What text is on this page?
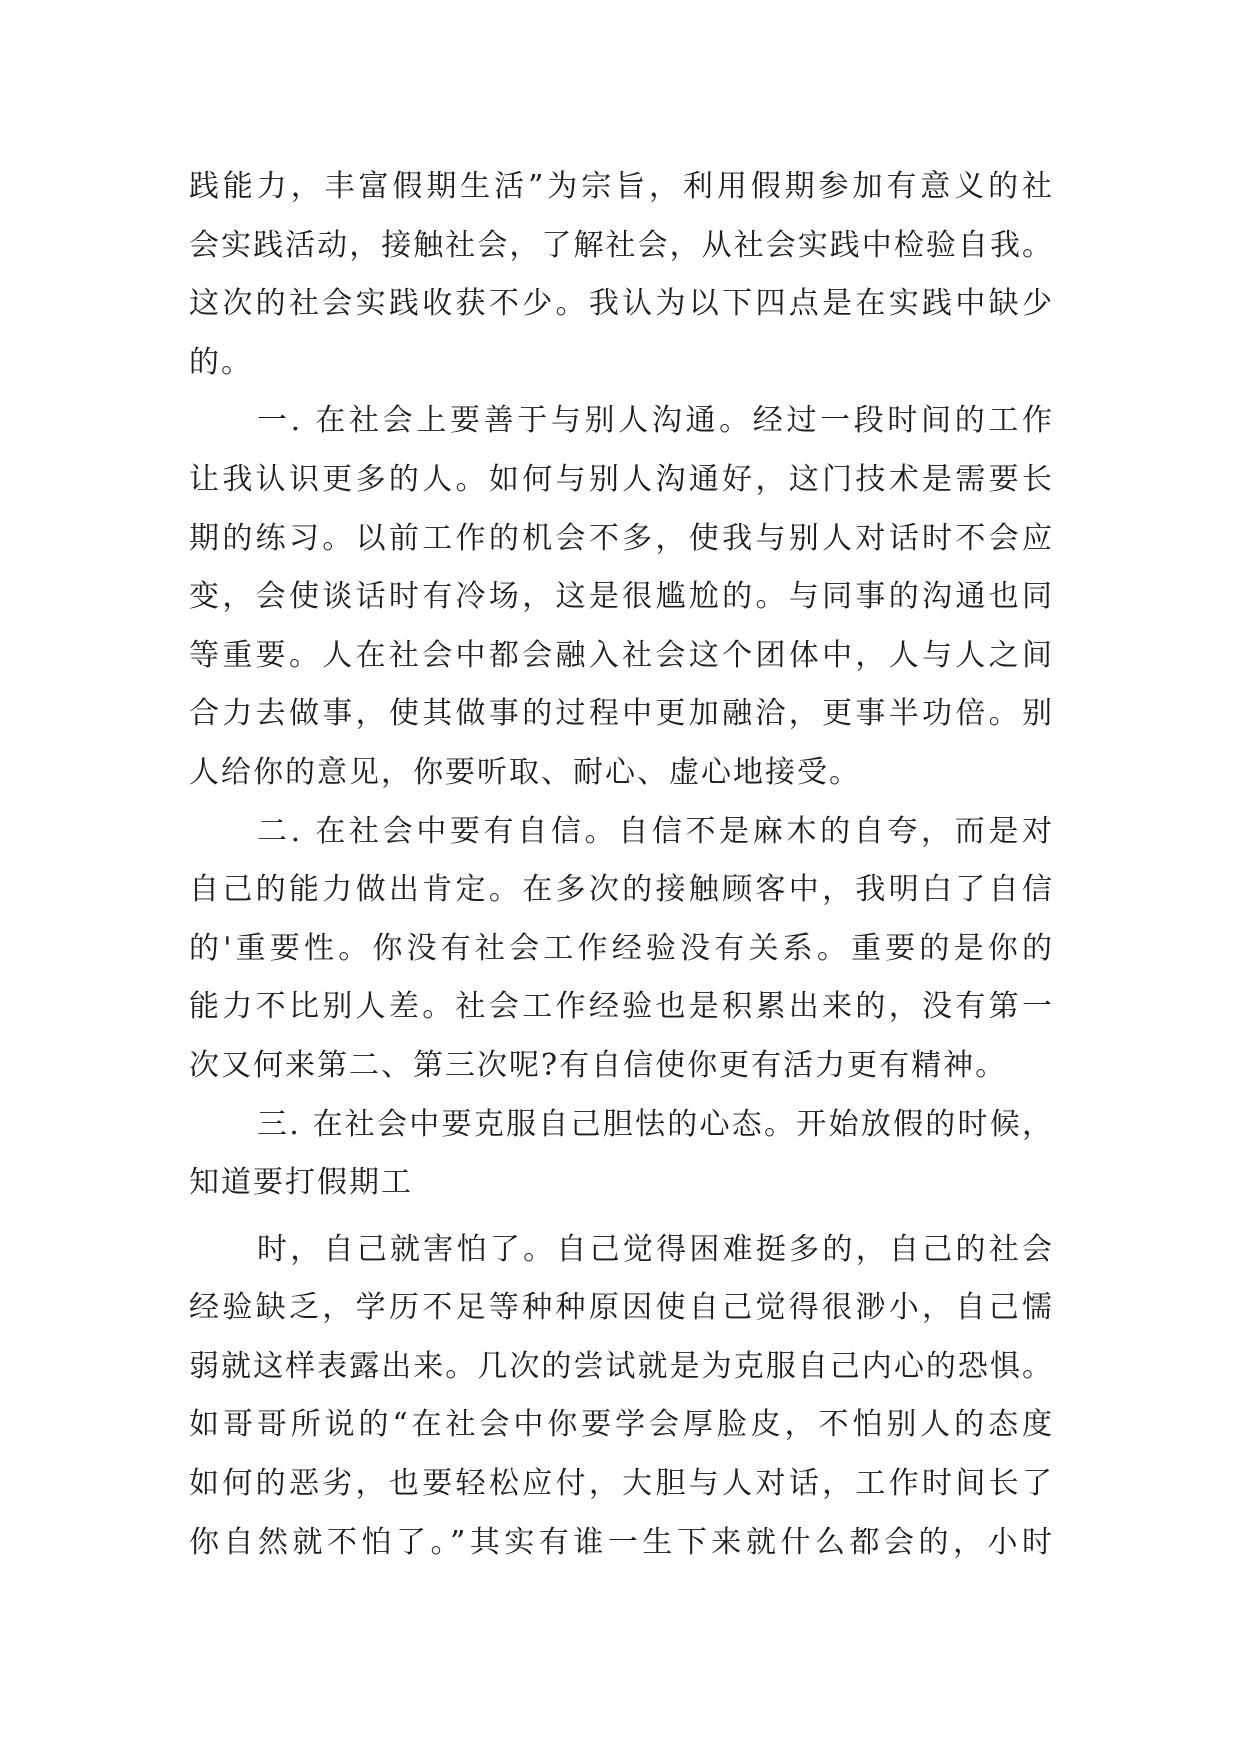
践能力，丰富假期生活”为宗旨，利用假期参加有意义的社
会实践活动，接触社会，了解社会，从社会实践中检验自我。
这次的社会实践收获不少。我认为以下四点是在实践中缺少
的。
一. 在社会上要善于与别人沟通。经过一段时间的工作
让我认识更多的人。如何与别人沟通好，这门技术是需要长
期的练习。以前工作的机会不多，使我与别人对话时不会应
变，会使谈话时有冷场，这是很尴尬的。与同事的沟通也同
等重要。人在社会中都会融入社会这个团体中，人与人之间
合力去做事，使其做事的过程中更加融洽，更事半功倍。别
人给你的意见，你要听取、耐心、虚心地接受。
二. 在社会中要有自信。自信不是麻木的自夸，而是对
自己的能力做出肯定。在多次的接触顾客中，我明白了自信
的'重要性。你没有社会工作经验没有关系。重要的是你的
能力不比别人差。社会工作经验也是积累出来的，没有第一
次又何来第二、第三次呢?有自信使你更有活力更有精神。
三. 在社会中要克服自己胆怯的心态。开始放假的时候，
知道要打假期工
时，自己就害怕了。自己觉得困难挺多的，自己的社会
经验缺乏，学历不足等种种原因使自己觉得很渺小，自己懦
弱就这样表露出来。几次的尝试就是为克服自己内心的恐惧。
如哥哥所说的“在社会中你要学会厚脸皮，不怕别人的态度
如何的恶劣，也要轻松应付，大胆与人对话，工作时间长了
你自然就不怕了。”其实有谁一生下来就什么都会的，小时
